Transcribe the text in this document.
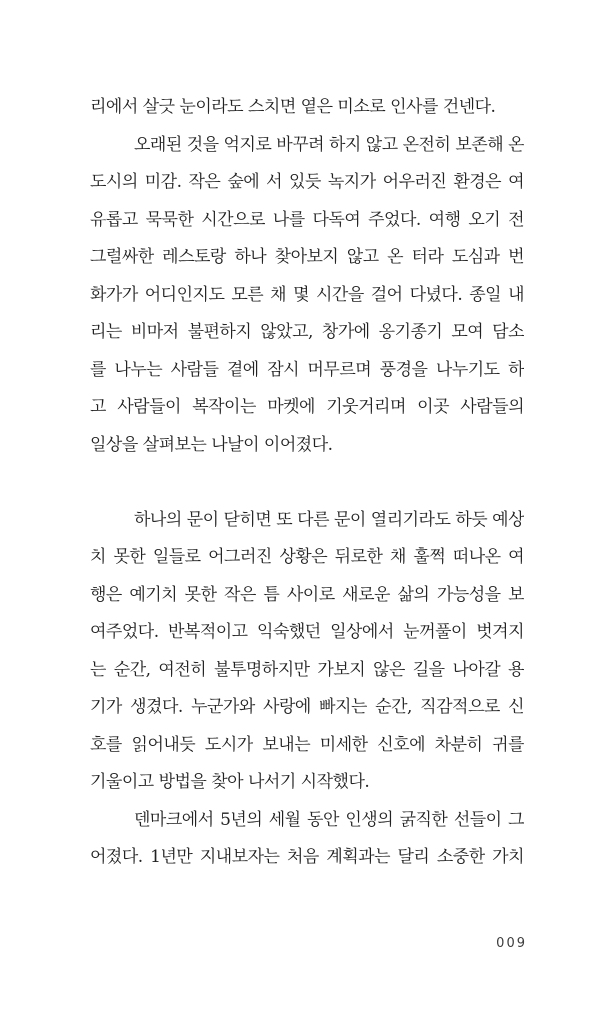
리에서 살긋 눈이라도 스치면 옅은 미소로 인사를 건넨다.
오래된 것을 억지로 바꾸려 하지 않고 온전히 보존해 온
도시의 미감. 작은 숲에 서 있듯 녹지가 어우러진 환경은 여
유롭고 묵묵한 시간으로 나를 다독여 주었다. 여행 오기 전
그럴싸한 레스토랑 하나 찾아보지 않고 온 터라 도심과 번
화가가 어디인지도 모른 채 몇 시간을 걸어 다녔다. 종일 내
리는 비마저 불편하지 않았고, 창가에 옹기종기 모여 담소
를 나누는 사람들 곁에 잠시 머무르며 풍경을 나누기도 하
고 사람들이 복작이는 마켓에 기웃거리며 이곳 사람들의
일상을 살펴보는 나날이 이어졌다.
하나의 문이 닫히면 또 다른 문이 열리기라도 하듯 예상
치 못한 일들로 어그러진 상황은 뒤로한 채 훌쩍 떠나온 여
행은 예기치 못한 작은 틈 사이로 새로운 삶의 가능성을 보
여주었다. 반복적이고 익숙했던 일상에서 눈꺼풀이 벗겨지
는 순간, 여전히 불투명하지만 가보지 않은 길을 나아갈 용
기가 생겼다. 누군가와 사랑에 빠지는 순간, 직감적으로 신
호를 읽어내듯 도시가 보내는 미세한 신호에 차분히 귀를
기울이고 방법을 찾아 나서기 시작했다.
덴마크에서 5년의 세월 동안 인생의 굵직한 선들이 그
어졌다. 1년만 지내보자는 처음 계획과는 달리 소중한 가치
009
